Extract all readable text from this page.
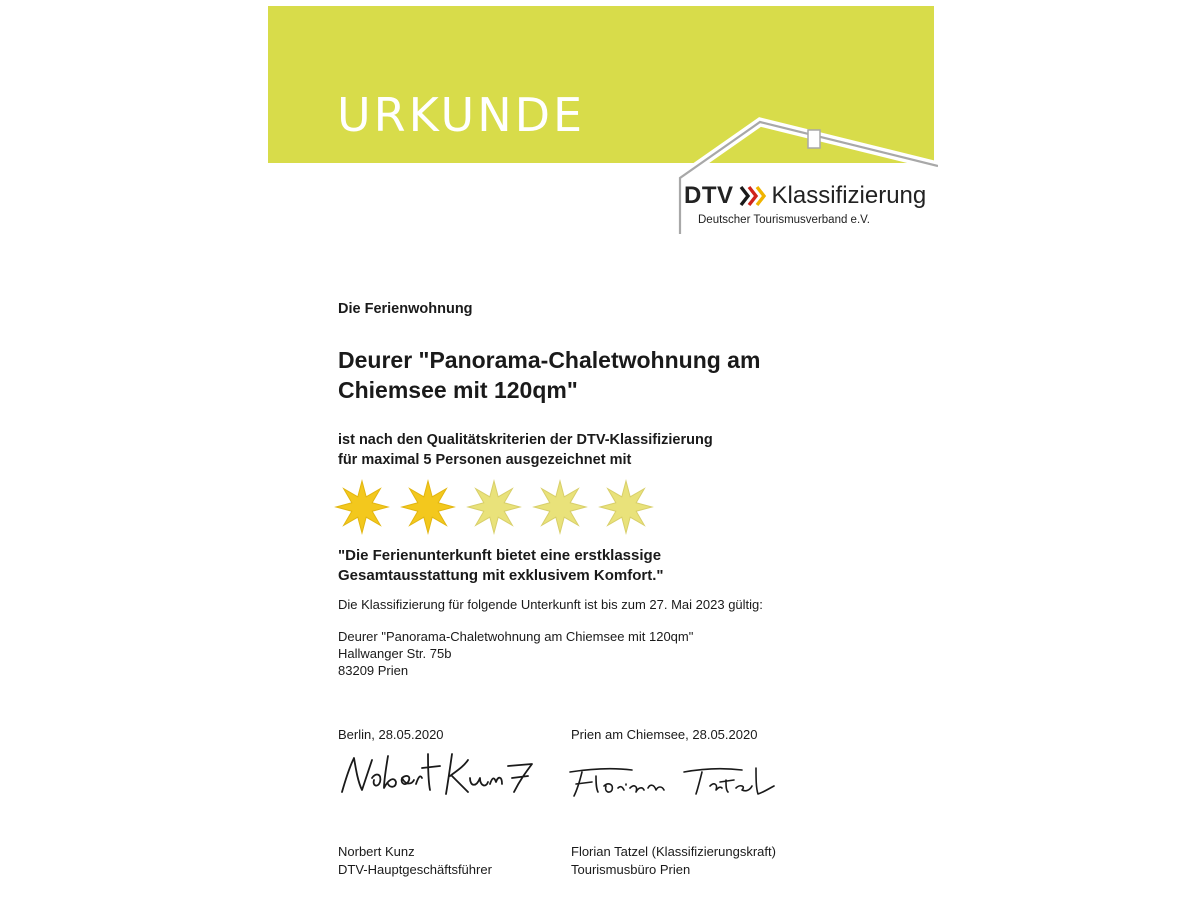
URKUNDE
DTV Klassifizierung
Deutscher Tourismusverband e.V.

Die Ferienwohnung

Deurer "Panorama-Chaletwohnung am
Chiemsee mit 120qm"
ist nach den Qualitätskriterien der DTV-Klassifizierung
für maximal 5 Personen ausgezeichnet mit
"Die Ferienunterkunft bietet eine erstklassige
Gesamtausstattung mit exklusivem Komfort."

Die Klassifizierung für folgende Unterkunft ist bis zum 27. Mai 2023 gültig:

Deurer "Panorama-Chaletwohnung am Chiemsee mit 120qm"
Hallwanger Str. 75b
83209 Prien

Berlin, 28.05.2020	Prien am Chiemsee, 28.05.2020

Norbert Kunz
DTV-Hauptgeschäftsführer
Florian Tatzel (Klassifizierungskraft)
Tourismusbüro Prien
